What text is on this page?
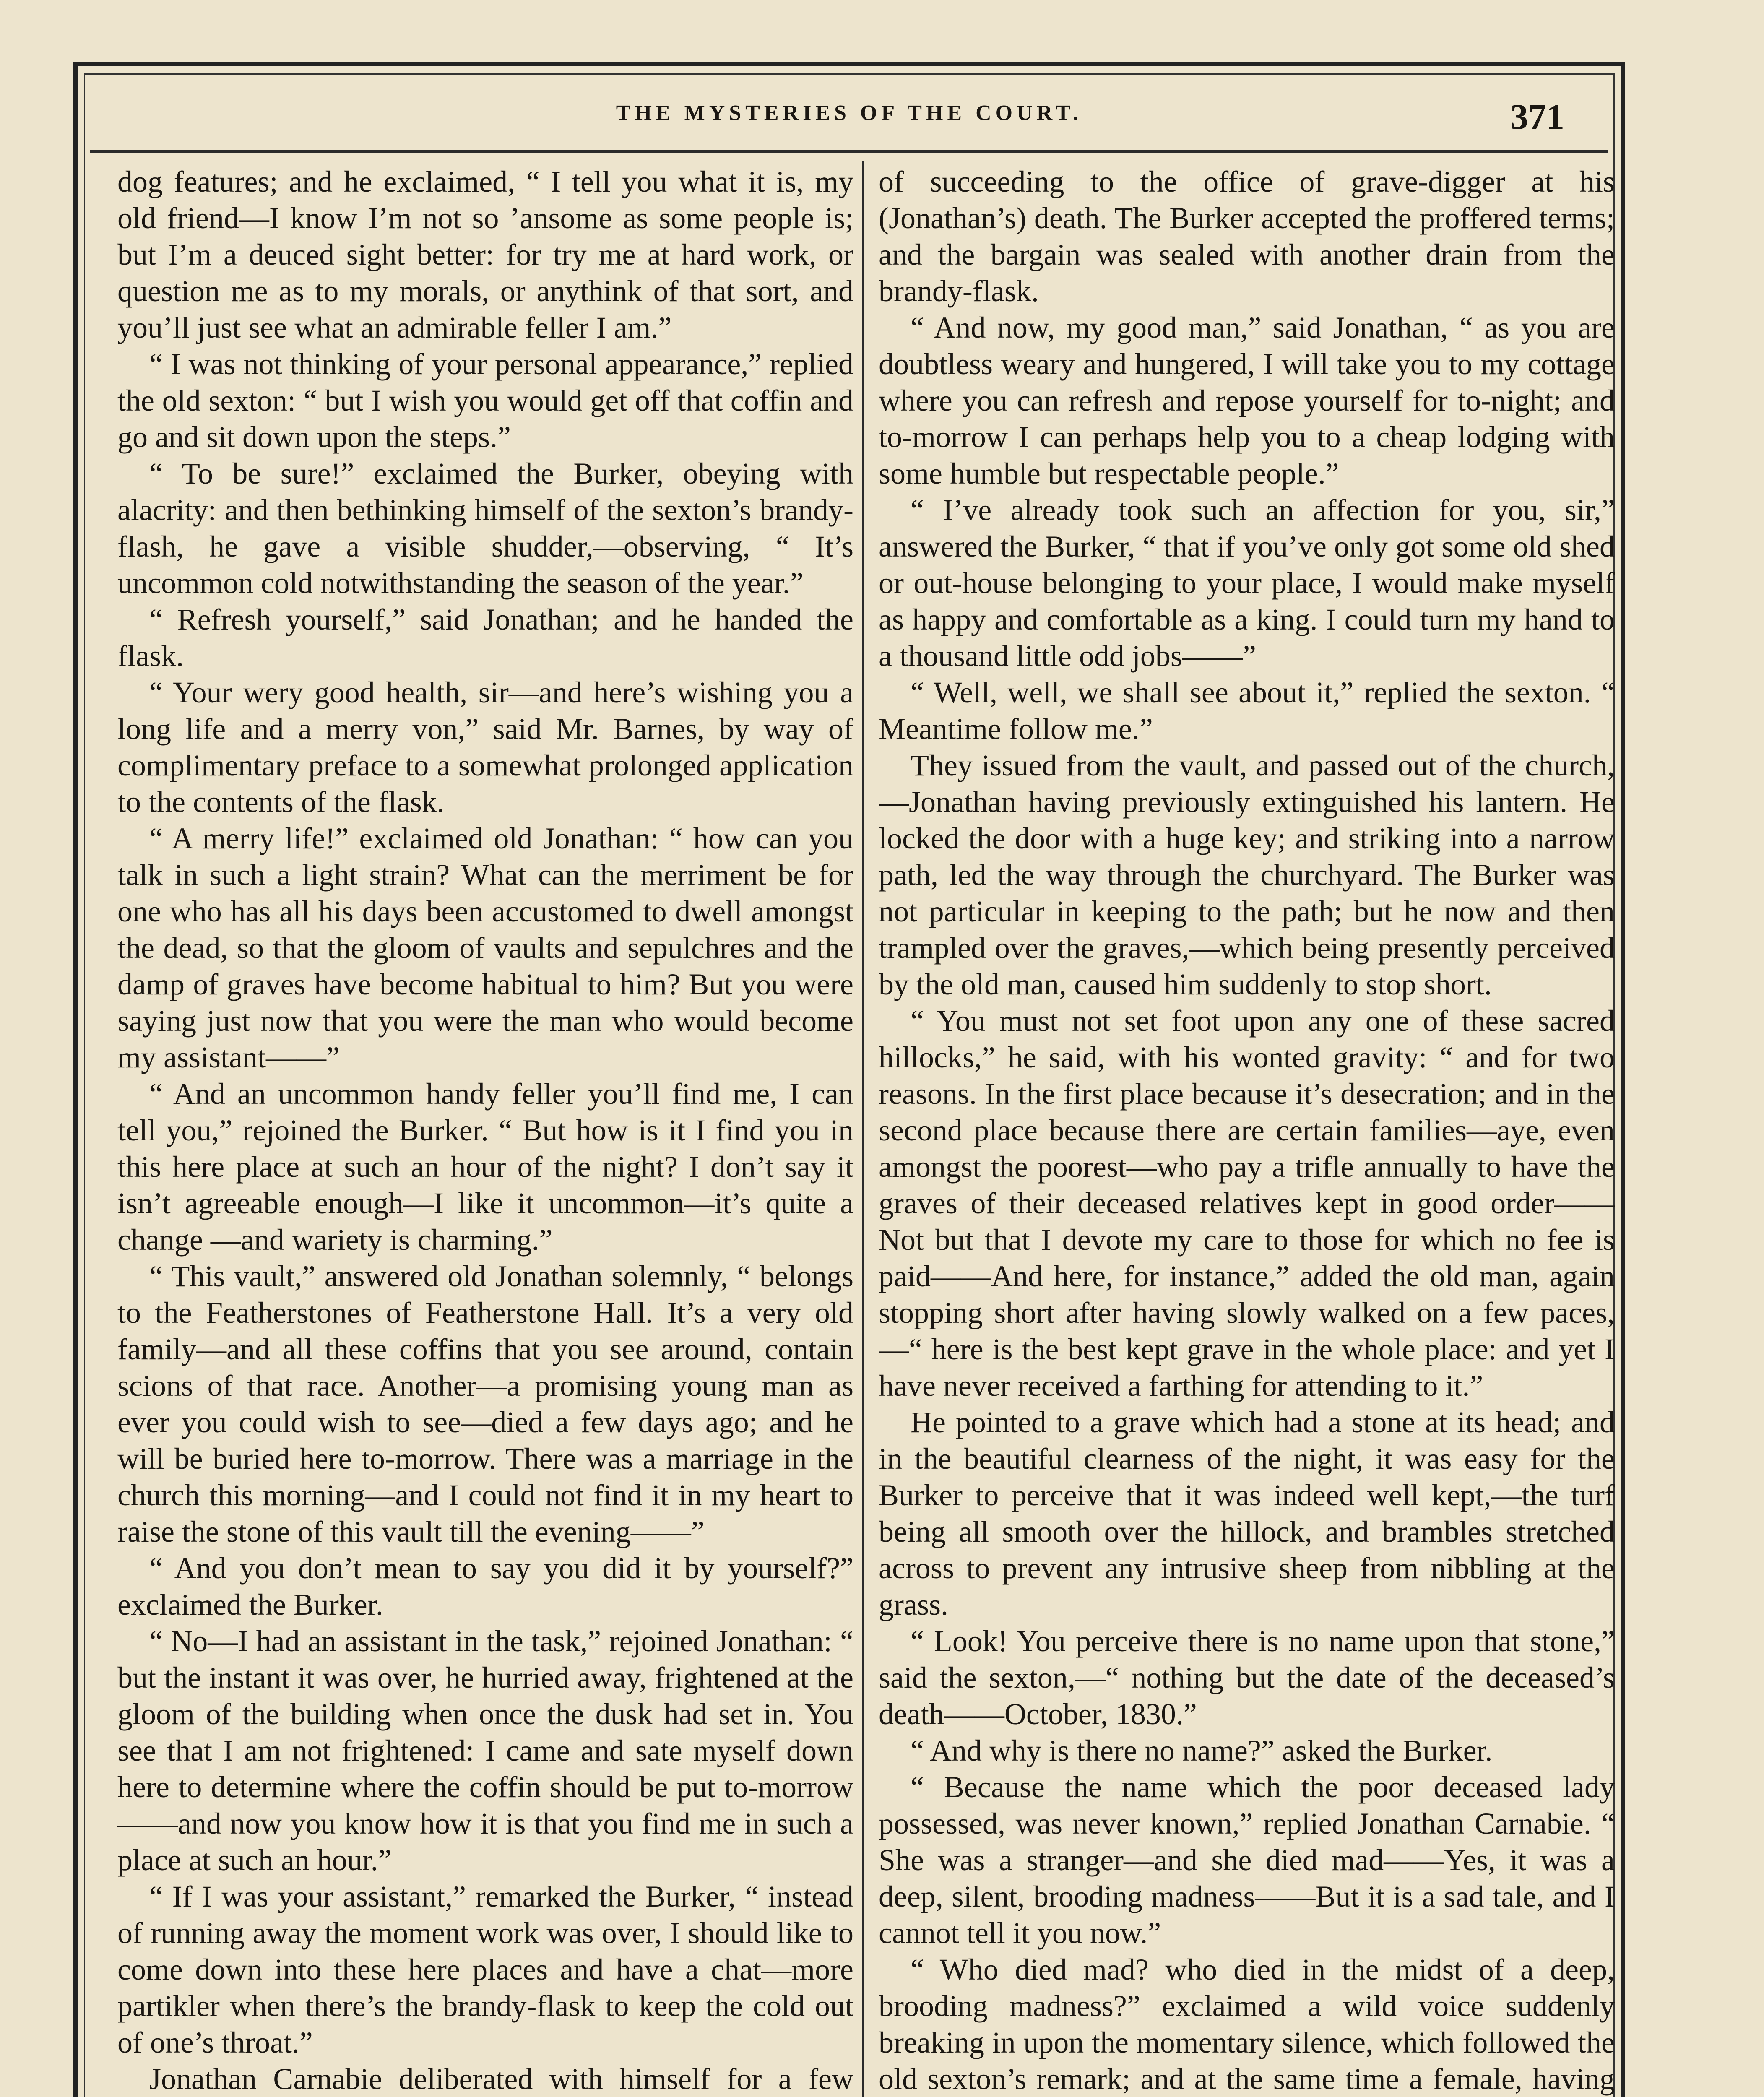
THE MYSTERIES OF THE COURT.	371

dog features; and he exclaimed, “ I tell you what it is, my old friend—I know I’m not so ’ansome as some people is; but I’m a deuced sight better: for try me at hard work, or question me as to my morals, or anythink of that sort, and you’ll just see what an admirable feller I am.”

“ I was not thinking of your personal appearance,” replied the old sexton: “ but I wish you would get off that coffin and go and sit down upon the steps.”

“ To be sure!” exclaimed the Burker, obeying with alacrity: and then bethinking himself of the sexton’s brandy-flash, he gave a visible shudder,—observing, “ It’s uncommon cold notwithstanding the season of the year.”

“ Refresh yourself,” said Jonathan; and he handed the flask.

“ Your wery good health, sir—and here’s wishing you a long life and a merry von,” said Mr. Barnes, by way of complimentary preface to a somewhat prolonged application to the contents of the flask.

“ A merry life!” exclaimed old Jonathan: “ how can you talk in such a light strain? What can the merriment be for one who has all his days been accustomed to dwell amongst the dead, so that the gloom of vaults and sepulchres and the damp of graves have become habitual to him? But you were saying just now that you were the man who would become my assistant——”

“ And an uncommon handy feller you’ll find me, I can tell you,” rejoined the Burker. “ But how is it I find you in this here place at such an hour of the night? I don’t say it isn’t agreeable enough—I like it uncommon—it’s quite a change —and wariety is charming.”

“ This vault,” answered old Jonathan solemnly, “ belongs to the Featherstones of Featherstone Hall. It’s a very old family—and all these coffins that you see around, contain scions of that race. Another—a promising young man as ever you could wish to see—died a few days ago; and he will be buried here to-morrow. There was a marriage in the church this morning—and I could not find it in my heart to raise the stone of this vault till the evening——”

“ And you don’t mean to say you did it by yourself?” exclaimed the Burker.

“ No—I had an assistant in the task,” rejoined Jonathan: “ but the instant it was over, he hurried away, frightened at the gloom of the building when once the dusk had set in. You see that I am not frightened: I came and sate myself down here to determine where the coffin should be put to-morrow——and now you know how it is that you find me in such a place at such an hour.”

“ If I was your assistant,” remarked the Burker, “ instead of running away the moment work was over, I should like to come down into these here places and have a chat—more partikler when there’s the brandy-flask to keep the cold out of one’s throat.”

Jonathan Carnabie deliberated with himself for a few

of succeeding to the office of grave-digger at his (Jonathan’s) death. The Burker accepted the proffered terms; and the bargain was sealed with another drain from the brandy-flask.

“ And now, my good man,” said Jonathan, “ as you are doubtless weary and hungered, I will take you to my cottage where you can refresh and repose yourself for to-night; and to-morrow I can perhaps help you to a cheap lodging with some humble but respectable people.”

“ I’ve already took such an affection for you, sir,” answered the Burker, “ that if you’ve only got some old shed or out-house belonging to your place, I would make myself as happy and comfortable as a king. I could turn my hand to a thousand little odd jobs——”

“ Well, well, we shall see about it,” replied the sexton. “ Meantime follow me.”

They issued from the vault, and passed out of the church,—Jonathan having previously extinguished his lantern. He locked the door with a huge key; and striking into a narrow path, led the way through the churchyard. The Burker was not particular in keeping to the path; but he now and then trampled over the graves,—which being presently perceived by the old man, caused him suddenly to stop short.

“ You must not set foot upon any one of these sacred hillocks,” he said, with his wonted gravity: “ and for two reasons. In the first place because it’s desecration; and in the second place because there are certain families—aye, even amongst the poorest—who pay a trifle annually to have the graves of their deceased relatives kept in good order——Not but that I devote my care to those for which no fee is paid——And here, for instance,” added the old man, again stopping short after having slowly walked on a few paces,—“ here is the best kept grave in the whole place: and yet I have never received a farthing for attending to it.”

He pointed to a grave which had a stone at its head; and in the beautiful clearness of the night, it was easy for the Burker to perceive that it was indeed well kept,—the turf being all smooth over the hillock, and brambles stretched across to prevent any intrusive sheep from nibbling at the grass.

“ Look! You perceive there is no name upon that stone,” said the sexton,—“ nothing but the date of the deceased’s death——October, 1830.”

“ And why is there no name?” asked the Burker.

“ Because the name which the poor deceased lady possessed, was never known,” replied Jonathan Carnabie. “ She was a stranger—and she died mad——Yes, it was a deep, silent, brooding madness——But it is a sad tale, and I cannot tell it you now.”

“ Who died mad? who died in the midst of a deep, brooding madness?” exclaimed a wild voice suddenly breaking in upon the momentary silence, which followed the old sexton’s remark; and at the same time a female, having
